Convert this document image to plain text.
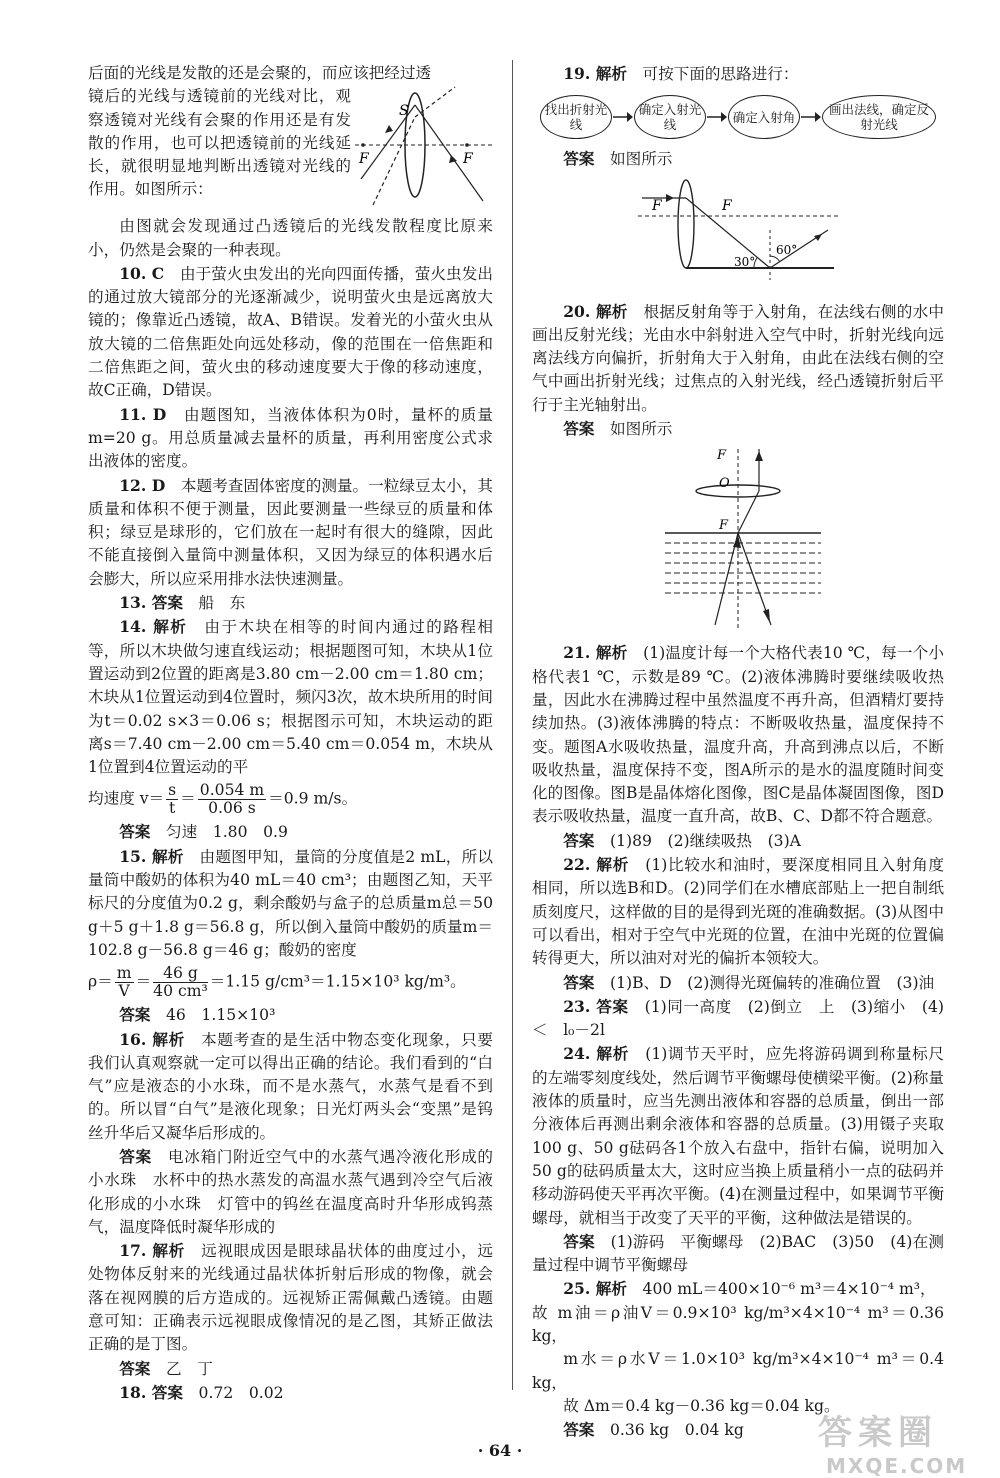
后面的光线是发散的还是会聚的，而应该把经过透

S
F	F

镜后的光线与透镜前的光线对比，观察透镜对光线有会聚的作用还是有发散的作用，也可以把透镜前的光线延长，就很明显地判断出透镜对光线的作用。如图所示：

由图就会发现通过凸透镜后的光线发散程度比原来小，仍然是会聚的一种表现。

10. C　 由于萤火虫发出的光向四面传播，萤火虫发出的通过放大镜部分的光逐渐减少，说明萤火虫是远离放大镜的；像靠近凸透镜，故A、B错误。发着光的小萤火虫从放大镜的二倍焦距处向远处移动，像的范围在一倍焦距和二倍焦距之间，萤火虫的移动速度要大于像的移动速度，故C正确，D错误。

11. D　 由题图知，当液体体积为0时，量杯的质量m=20 g。用总质量减去量杯的质量，再利用密度公式求出液体的密度。

12. D　 本题考查固体密度的测量。一粒绿豆太小，其质量和体积不便于测量，因此要测量一些绿豆的质量和体积；绿豆是球形的，它们放在一起时有很大的缝隙，因此不能直接倒入量筒中测量体积，又因为绿豆的体积遇水后会膨大，所以应采用排水法快速测量。

13. 答案　 船　东

14. 解析　 由于木块在相等的时间内通过的路程相等，所以木块做匀速直线运动；根据题图可知，木块从1位置运动到2位置的距离是3.80 cm－2.00 cm＝1.80 cm；木块从1位置运动到4位置时，频闪3次，故木块所用的时间为t＝0.02 s×3＝0.06 s；根据图示可知，木块运动的距离s＝7.40 cm－2.00 cm＝5.40 cm＝0.054 m，木块从1位置到4位置运动的平

均速度 $v= \frac{s}{t} = \frac{0.054 m}{0.06 s} =0.9$ m/s。

答案　 匀速　1.80　0.9

15. 解析　 由题图甲知，量筒的分度值是2 mL，所以量筒中酸奶的体积为40 mL＝40 cm³；由题图乙知，天平标尺的分度值为0.2 g，剩余酸奶与盒子的总质量m总＝50 g＋5 g＋1.8 g＝56.8 g，所以倒入量筒中酸奶的质量m＝102.8 g－56.8 g＝46 g；酸奶的密度

$\rho= \frac{m}{V} = \frac{46 g}{\text{40 cm³}} =1.15$ g/cm³＝1.15×10³ kg/m³。

答案　 46　1.15×10³

16. 解析　 本题考查的是生活中物态变化现象，只要我们认真观察就一定可以得出正确的结论。我们看到的“白气”应是液态的小水珠，而不是水蒸气，水蒸气是看不到的。所以冒“白气”是液化现象；日光灯两头会“变黑”是钨丝升华后又凝华后形成的。

答案　 电冰箱门附近空气中的水蒸气遇冷液化形成的小水珠　水杯中的热水蒸发的高温水蒸气遇到冷空气后液化形成的小水珠　灯管中的钨丝在温度高时升华形成钨蒸气，温度降低时凝华形成的

17. 解析　 远视眼成因是眼球晶状体的曲度过小，远处物体反射来的光线通过晶状体折射后形成的物像，就会落在视网膜的后方造成的。远视矫正需佩戴凸透镜。由题意可知：正确表示远视眼成像情况的是乙图，其矫正做法正确的是丁图。

答案　 乙　丁

18. 答案　 0.72　0.02

19. 解析　 可按下面的思路进行：

找出折射光线
确定入射光线	确定入射角	画出法线，确定反射光线

答案　 如图所示

F	F
30°
60°

20. 解析　 根据反射角等于入射角，在法线右侧的水中画出反射光线；光由水中斜射进入空气中时，折射光线向远离法线方向偏折，折射角大于入射角，由此在法线右侧的空气中画出折射光线；过焦点的入射光线，经凸透镜折射后平行于主光轴射出。

答案　 如图所示

F
O
F

21. 解析　 (1)温度计每一个大格代表10 ℃，每一个小格代表1 ℃，示数是89 ℃。(2)液体沸腾时要继续吸收热量，因此水在沸腾过程中虽然温度不再升高，但酒精灯要持续加热。(3)液体沸腾的特点：不断吸收热量，温度保持不变。题图A水吸收热量，温度升高，升高到沸点以后，不断吸收热量，温度保持不变，图A所示的是水的温度随时间变化的图像。图B是晶体熔化图像，图C是晶体凝固图像，图D表示吸收热量，温度一直升高，故B、C、D都不符合题意。

答案　 (1)89　(2)继续吸热　(3)A

22. 解析　 (1)比较水和油时，要深度相同且入射角度相同，所以选B和D。(2)同学们在水槽底部贴上一把自制纸质刻度尺，这样做的目的是得到光斑的准确数据。(3)从图中可以看出，相对于空气中光斑的位置，在油中光斑的位置偏转得更大，所以油对对光的偏折本领较大。

答案　 (1)B、D　(2)测得光斑偏转的准确位置　(3)油

23. 答案　 (1)同一高度　(2)倒立　上　(3)缩小　(4)＜　l₀－2l

24. 解析　 (1)调节天平时，应先将游码调到称量标尺的左端零刻度线处，然后调节平衡螺母使横梁平衡。(2)称量液体的质量时，应当先测出液体和容器的总质量，倒出一部分液体后再测出剩余液体和容器的总质量。(3)用镊子夹取100 g、50 g砝码各1个放入右盘中，指针右偏，说明加入50 g的砝码质量太大，这时应当换上质量稍小一点的砝码并移动游码使天平再次平衡。(4)在测量过程中，如果调节平衡螺母，就相当于改变了天平的平衡，这种做法是错误的。

答案　 (1)游码　平衡螺母　(2)BAC　(3)50　(4)在测量过程中调节平衡螺母

25. 解析　 400 mL＝400×10⁻⁶ m³＝4×10⁻⁴ m³，

故 m油＝ρ油V＝0.9×10³ kg/m³×4×10⁻⁴ m³＝0.36 kg，

m水＝ρ水V＝1.0×10³ kg/m³×4×10⁻⁴ m³＝0.4 kg，

故 Δm＝0.4 kg－0.36 kg＝0.04 kg。

答案　 0.36 kg　0.04 kg

· 64 ·	答案圈
MXQE.COM
